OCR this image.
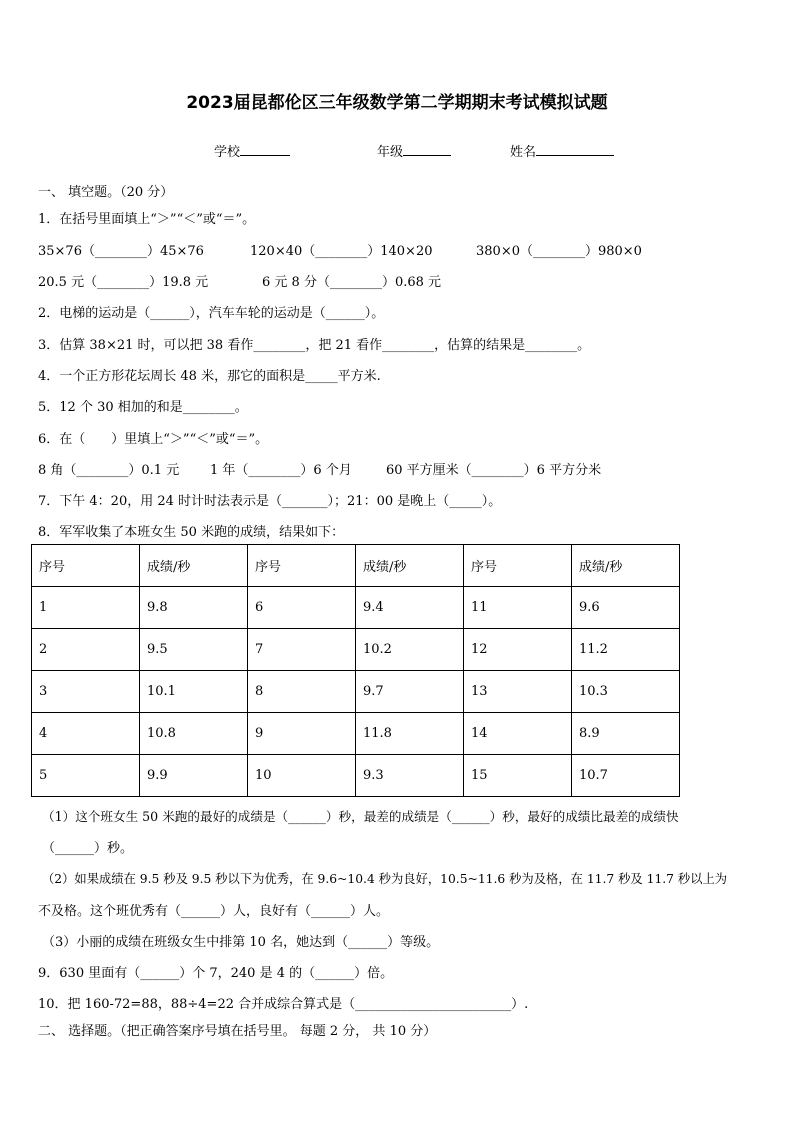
2023届昆都伦区三年级数学第二学期期末考试模拟试题
学校	年级	姓名
一、 填空题。（20 分）
1．在括号里面填上“＞”“＜”或“＝”。
35×76（________）45×76	120×40（________）140×20	380×0（________）980×0
20.5 元（________）19.8 元	6 元 8 分（________）0.68 元
2．电梯的运动是（______），汽车车轮的运动是（______）。
3．估算 38×21 时，可以把 38 看作________，把 21 看作________，估算的结果是________。
4．一个正方形花坛周长 48 米，那它的面积是_____平方米.
5．12 个 30 相加的和是________。
6．在（　　）里填上“＞”“＜”或“＝”。
8 角（________）0.1 元 1 年（________）6 个月	60 平方厘米（________）6 平方分米
7．下午 4：20，用 24 时计时法表示是（_______）；21：00 是晚上（_____）。
8．军军收集了本班女生 50 米跑的成绩，结果如下：
序号	成绩/秒	序号	成绩/秒	序号	成绩/秒
1	9.8	6	9.4	11	9.6
2	9.5	7	10.2	12	11.2
3	10.1	8	9.7	13	10.3
4	10.8	9	11.8	14	8.9
5	9.9	10	9.3	15	10.7
（1）这个班女生 50 米跑的最好的成绩是（______）秒，最差的成绩是（______）秒，最好的成绩比最差的成绩快
（______）秒。
（2）如果成绩在 9.5 秒及 9.5 秒以下为优秀，在 9.6~10.4 秒为良好，10.5~11.6 秒为及格，在 11.7 秒及 11.7 秒以上为
不及格。这个班优秀有（______）人，良好有（______）人。
（3）小丽的成绩在班级女生中排第 10 名，她达到（______）等级。
9．630 里面有（______）个 7，240 是 4 的（______）倍。
10．把 160-72=88，88÷4=22 合并成综合算式是（________________________）.
二、 选择题。（把正确答案序号填在括号里。 每题 2 分， 共 10 分）
